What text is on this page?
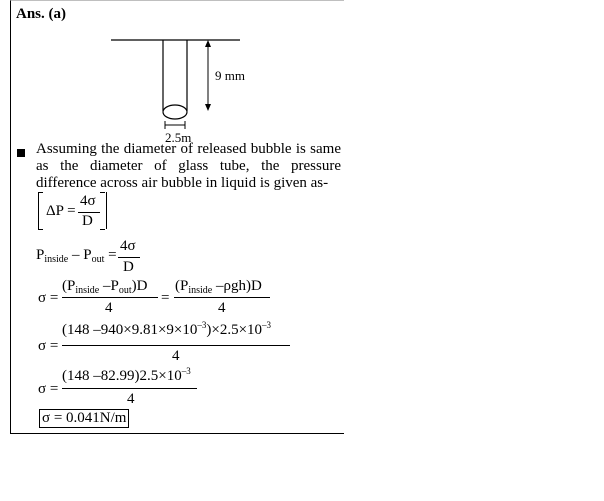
Ans. (a)
9 mm
2.5m
Assuming the diameter of released bubble is same as the diameter of glass tube, the pressure difference across air bubble in liquid is given as-
ΔP =
4σ
D
$P_{inside} - P_{out}$ =
4σ
D
σ =
($P_{inside}$ $-P_{out})D$
4
=
($P_{inside}$ –ρgh)D
4
σ =
(148 $-940\times 9.81\times 9\times 10^{-3})\times 2.5\times 10^{-3}$
4
σ =
(148 $-82.99)2.5\times 10^{-3}$
4
σ = 0.041N/m
